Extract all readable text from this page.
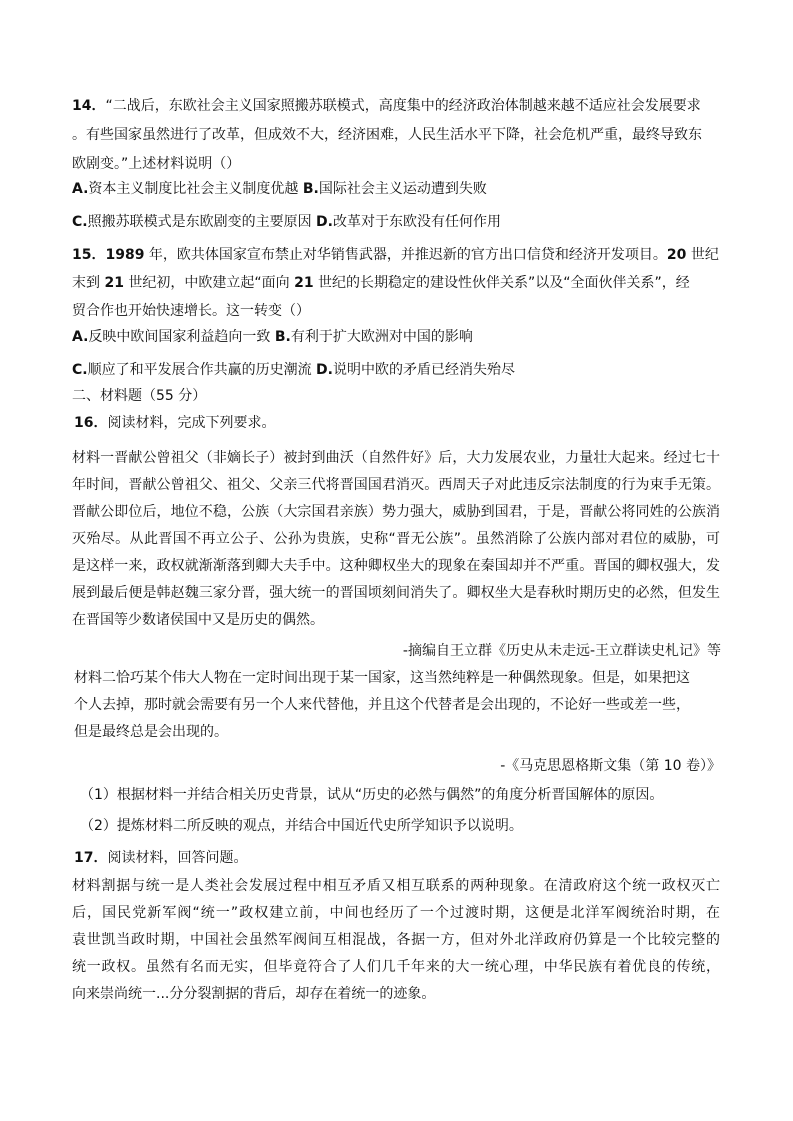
14．“二战后，东欧社会主义国家照搬苏联模式，高度集中的经济政治体制越来越不适应社会发展要求
。有些国家虽然进行了改革，但成效不大，经济困难，人民生活水平下降，社会危机严重，最终导致东
欧剧变。”上述材料说明（）
A.资本主义制度比社会主义制度优越 B.国际社会主义运动遭到失败
C.照搬苏联模式是东欧剧变的主要原因 D.改革对于东欧没有任何作用
15．1989 年，欧共体国家宣布禁止对华销售武器，并推迟新的官方出口信贷和经济开发项目。20 世纪
末到 21 世纪初，中欧建立起“面向 21 世纪的长期稳定的建设性伙伴关系”以及“全面伙伴关系”，经
贸合作也开始快速增长。这一转变（）
A.反映中欧间国家利益趋向一致 B.有利于扩大欧洲对中国的影响
C.顺应了和平发展合作共赢的历史潮流 D.说明中欧的矛盾已经消失殆尽
二、材料题（55 分）
16．阅读材料，完成下列要求。
材料一晋献公曾祖父（非嫡长子）被封到曲沃（自然件好》后，大力发展农业，力量壮大起来。经过七十
年时间，晋献公曾祖父、祖父、父亲三代将晋国国君消灭。西周天子对此违反宗法制度的行为束手无策。
晋献公即位后，地位不稳，公族（大宗国君亲族）势力强大，威胁到国君，于是，晋献公将同姓的公族消
灭殆尽。从此晋国不再立公子、公孙为贵族，史称“晋无公族”。虽然消除了公族内部对君位的威胁，可
是这样一来，政权就渐渐落到卿大夫手中。这种卿权坐大的现象在秦国却并不严重。晋国的卿权强大，发
展到最后便是韩赵魏三家分晋，强大统一的晋国顷刻间消失了。卿权坐大是春秋时期历史的必然，但发生
在晋国等少数诸侯国中又是历史的偶然。
-摘编自王立群《历史从未走远-王立群读史札记》等
材料二恰巧某个伟大人物在一定时间出现于某一国家，这当然纯粹是一种偶然现象。但是，如果把这
个人去掉，那时就会需要有另一个人来代替他，并且这个代替者是会出现的，不论好一些或差一些，
但是最终总是会出现的。
-《马克思恩格斯文集（第 10 卷）》
（1）根据材料一并结合相关历史背景，试从“历史的必然与偶然”的角度分析晋国解体的原因。
（2）提炼材料二所反映的观点，并结合中国近代史所学知识予以说明。
17．阅读材料，回答问题。
材料割据与统一是人类社会发展过程中相互矛盾又相互联系的两种现象。在清政府这个统一政权灭亡
后，国民党新军阀“统一”政权建立前，中间也经历了一个过渡时期，这便是北洋军阀统治时期，在
袁世凯当政时期，中国社会虽然军阀间互相混战，各据一方，但对外北洋政府仍算是一个比较完整的
统一政权。虽然有名而无实，但毕竟符合了人们几千年来的大一统心理，中华民族有着优良的传统，
向来崇尚统一...分分裂割据的背后，却存在着统一的迹象。
